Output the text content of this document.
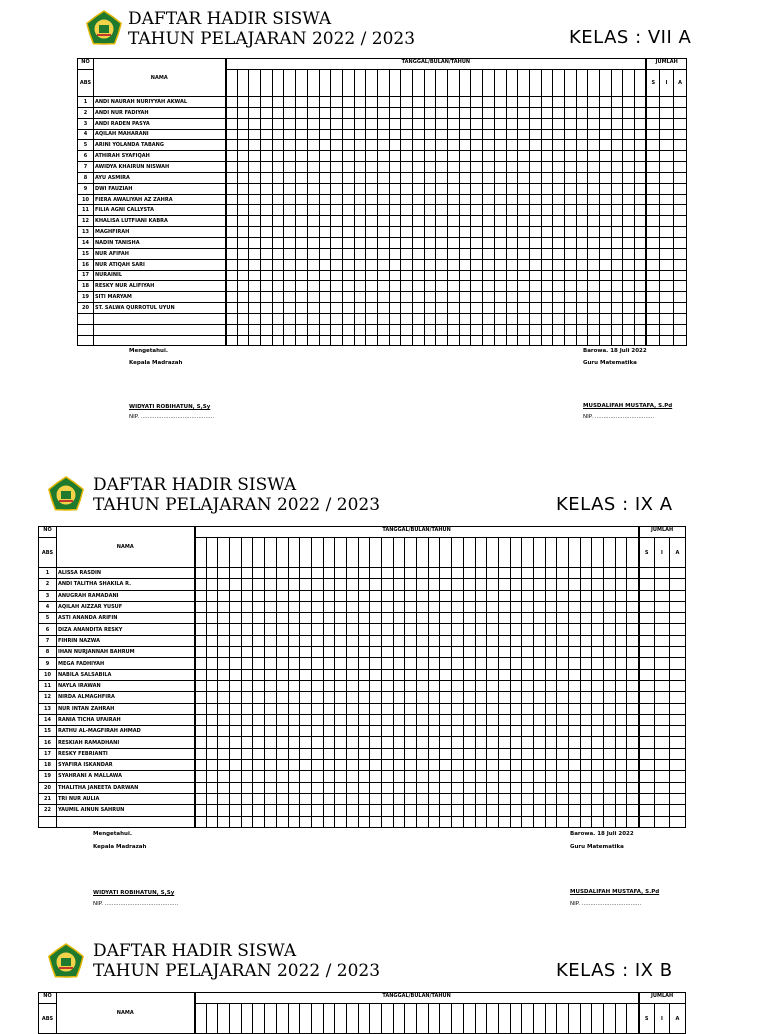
DAFTAR HADIR SISWA
TAHUN PELAJARAN 2022 / 2023	KELAS : VII A
NO	NAMA	TANGGAL/BULAN/TAHUN																																				JUMLAH		
ABS																																						S	I	A
1	ANDI NAURAH NURIYYAH AKWAL																																							
2	ANDI NUR FADIYAH																																							
3	ANDI RADEN PASYA																																							
4	AQILAH MAHARANI																																							
5	ARINI YOLANDA TABANG																																							
6	ATHIRAH SYAFIQAH																																							
7	AWIDYA KHAIRUN NISWAH																																							
8	AYU ASMIRA																																							
9	DWI FAUZIAH																																							
10	FIERA AWALIYAH AZ ZAHRA																																							
11	FILIA AGNI CALLYSTA																																							
12	KHALISA LUTFIANI KABRA																																							
13	MAGHFIRAH																																							
14	NADIN TANISHA																																							
15	NUR AFIFAH																																							
16	NUR ATIQAH SARI																																							
17	NURAINIL																																							
18	RESKY NUR ALIFIYAH																																							
19	SITI MARYAM																																							
20	ST. SALWA QURROTUL UYUN																																							

Mengetahui.
Kepala Madrazah
WIDYATI ROBIHATUN, S,Sy
NIP. ..........................................
Barowa. 18 Juli 2022
Guru Matematika
MUSDALIFAH MUSTAFA, S.Pd
NIP. ..................................
DAFTAR HADIR SISWA
TAHUN PELAJARAN 2022 / 2023	KELAS : IX A
NO	NAMA	TANGGAL/BULAN/TAHUN																																						JUMLAH		
ABS																																								S	I	A
1	ALISSA RASDIN																																									
2	ANDI TALITHA SHAKILA R.																																									
3	ANUGRAH RAMADANI																																									
4	AQILAH AIZZAR YUSUF																																									
5	ASTI ANANDA ARIFIN																																									
6	DIZA ANANDITA RESKY																																									
7	FIHRIN NAZWA																																									
8	IHAN NURJANNAH BAHRUM																																									
9	MEGA FADHIYAH																																									
10	NABILA SALSABILA																																									
11	NAYLA IRAWAN																																									
12	NIRDA ALMAGHFIRA																																									
13	NUR INTAN ZAHRAH																																									
14	RANIA TICHA UFAIRAH																																									
15	RATHU AL-MAGFIRAH AHMAD																																									
16	RESKIAH RAMADHANI																																									
17	RESKY FEBRIANTI																																									
18	SYAFIRA ISKANDAR																																									
19	SYAHRANI A MALLAWA																																									
20	THALITHA JANEETA DARWAN																																									
21	TRI NUR AULIA																																									
22	YAUMIL AINUN SAHRUN																																									

Mengetahui.
Kepala Madrazah
WIDYATI ROBIHATUN, S,Sy
NIP. ..........................................
Barowa. 18 Juli 2022
Guru Matematika
MUSDALIFAH MUSTAFA, S.Pd
NIP. ..................................
DAFTAR HADIR SISWA
TAHUN PELAJARAN 2022 / 2023	KELAS : IX B
NO	NAMA	TANGGAL/BULAN/TAHUN																																						JUMLAH		
ABS																																								S	I	A
